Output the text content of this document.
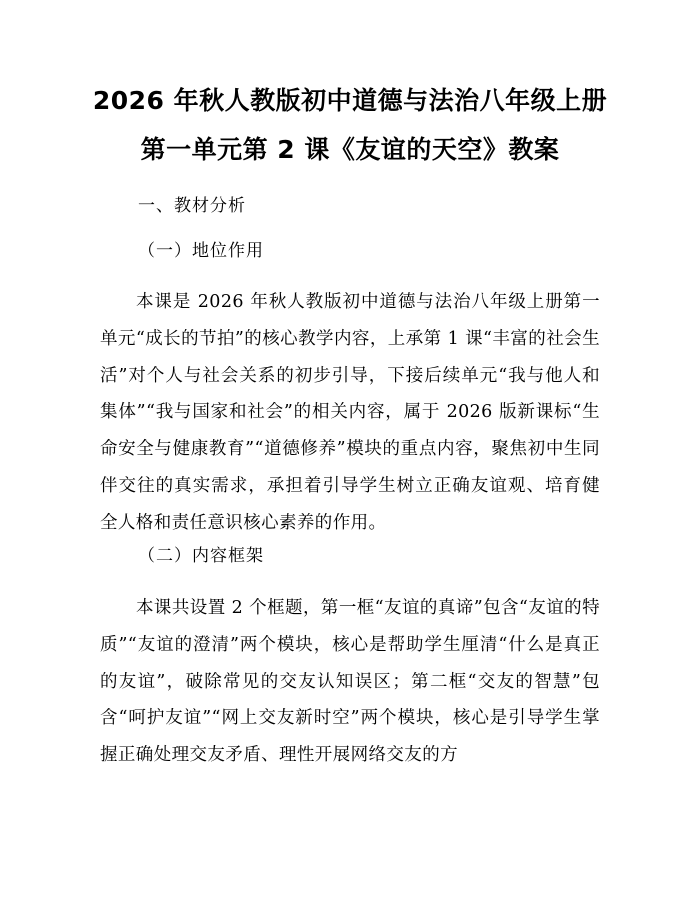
2026 年秋人教版初中道德与法治八年级上册
第一单元第 2 课《友谊的天空》教案
一、教材分析
（一）地位作用
本课是 2026 年秋人教版初中道德与法治八年级上册第一单元“成长的节拍”的核心教学内容，上承第 1 课“丰富的社会生活”对个人与社会关系的初步引导，下接后续单元“我与他人和集体”“我与国家和社会”的相关内容，属于 2026 版新课标“生命安全与健康教育”“道德修养”模块的重点内容，聚焦初中生同伴交往的真实需求，承担着引导学生树立正确友谊观、培育健全人格和责任意识核心素养的作用。
（二）内容框架
本课共设置 2 个框题，第一框“友谊的真谛”包含“友谊的特质”“友谊的澄清”两个模块，核心是帮助学生厘清“什么是真正的友谊”，破除常见的交友认知误区；第二框“交友的智慧”包含“呵护友谊”“网上交友新时空”两个模块，核心是引导学生掌握正确处理交友矛盾、理性开展网络交友的方
